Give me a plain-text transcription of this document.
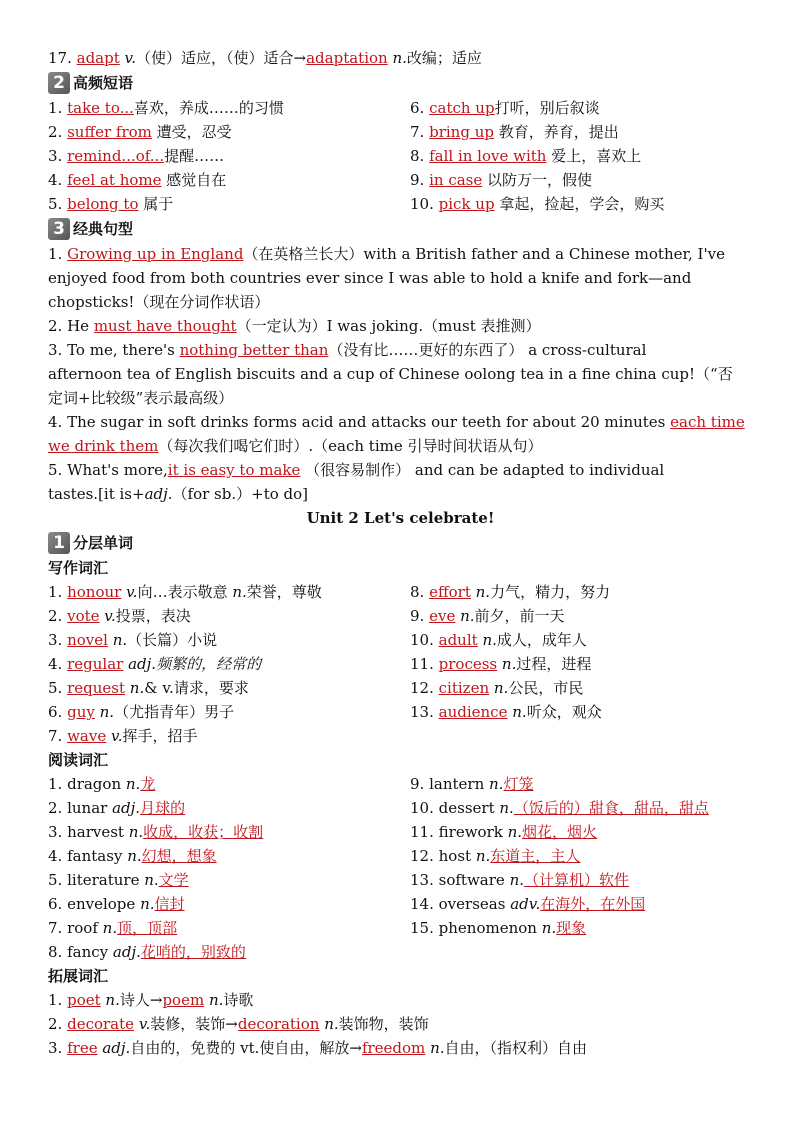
17. adapt v.（使）适应，（使）适合→adaptation n.改编；适应
2 高频短语
1. take to...喜欢，养成……的习惯	6. catch up打听，别后叙谈
2. suffer from 遭受，忍受	7. bring up 教育，养育，提出
3. remind...of...提醒……	8. fall in love with 爱上，喜欢上
4. feel at home 感觉自在	9. in case 以防万一，假使
5. belong to 属于	10. pick up 拿起，捡起，学会，购买
3 经典句型
1. Growing up in England（在英格兰长大）with a British father and a Chinese mother, I've
enjoyed food from both countries ever since I was able to hold a knife and fork—and
chopsticks!（现在分词作状语）
2. He must have thought（一定认为）I was joking.（must 表推测）
3. To me, there's nothing better than（没有比……更好的东西了） a cross-cultural
afternoon tea of English biscuits and a cup of Chinese oolong tea in a fine china cup!（“否
定词+比较级”表示最高级）
4. The sugar in soft drinks forms acid and attacks our teeth for about 20 minutes each time
we drink them（每次我们喝它们时）.（each time 引导时间状语从句）
5. What's more,it is easy to make （很容易制作） and can be adapted to individual
tastes.[it is+adj.（for sb.）+to do]
Unit 2 Let's celebrate!
1 分层单词
写作词汇
1. honour v.向…表示敬意 n.荣誉，尊敬	8. effort n.力气，精力，努力
2. vote v.投票，表决	9. eve n.前夕，前一天
3. novel n.（长篇）小说	10. adult n.成人，成年人
4. regular adj.频繁的，经常的	11. process n.过程，进程
5. request n.& v.请求，要求	12. citizen n.公民，市民
6. guy n.（尤指青年）男子	13. audience n.听众，观众
7. wave v.挥手，招手
阅读词汇
1. dragon n.龙	9. lantern n.灯笼
2. lunar adj.月球的	10. dessert n.（饭后的）甜食，甜品，甜点
3. harvest n.收成，收获；收割	11. firework n.烟花，烟火
4. fantasy n.幻想，想象	12. host n.东道主，主人
5. literature n.文学	13. software n.（计算机）软件
6. envelope n.信封	14. overseas adv.在海外，在外国
7. roof n.顶，顶部	15. phenomenon n.现象
8. fancy adj.花哨的，别致的
拓展词汇
1. poet n.诗人→poem n.诗歌
2. decorate v.装修，装饰→decoration n.装饰物，装饰
3. free adj.自由的，免费的 vt.使自由，解放→freedom n.自由，（指权利）自由
